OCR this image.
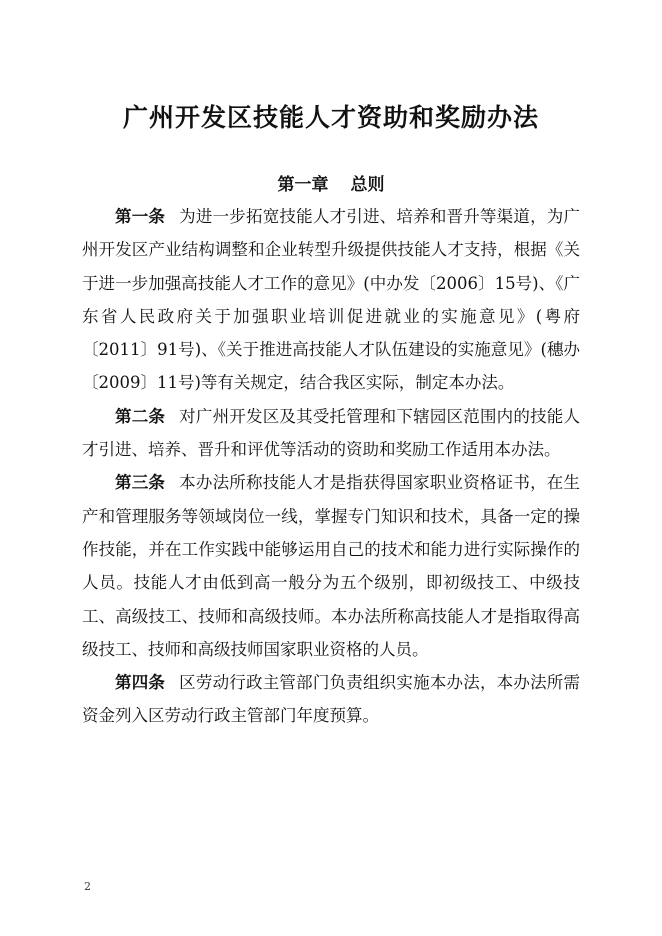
广州开发区技能人才资助和奖励办法
第一章 总则

第一条 为进一步拓宽技能人才引进、培养和晋升等渠道，为广州开发区产业结构调整和企业转型升级提供技能人才支持，根据《关于进一步加强高技能人才工作的意见》(中办发〔2006〕15号)、《广东省人民政府关于加强职业培训促进就业的实施意见》(粤府〔2011〕91号)、《关于推进高技能人才队伍建设的实施意见》(穗办〔2009〕11号)等有关规定，结合我区实际，制定本办法。

第二条 对广州开发区及其受托管理和下辖园区范围内的技能人才引进、培养、晋升和评优等活动的资助和奖励工作适用本办法。

第三条 本办法所称技能人才是指获得国家职业资格证书，在生产和管理服务等领域岗位一线，掌握专门知识和技术，具备一定的操作技能，并在工作实践中能够运用自己的技术和能力进行实际操作的人员。技能人才由低到高一般分为五个级别，即初级技工、中级技工、高级技工、技师和高级技师。本办法所称高技能人才是指取得高级技工、技师和高级技师国家职业资格的人员。

第四条 区劳动行政主管部门负责组织实施本办法，本办法所需资金列入区劳动行政主管部门年度预算。

2
